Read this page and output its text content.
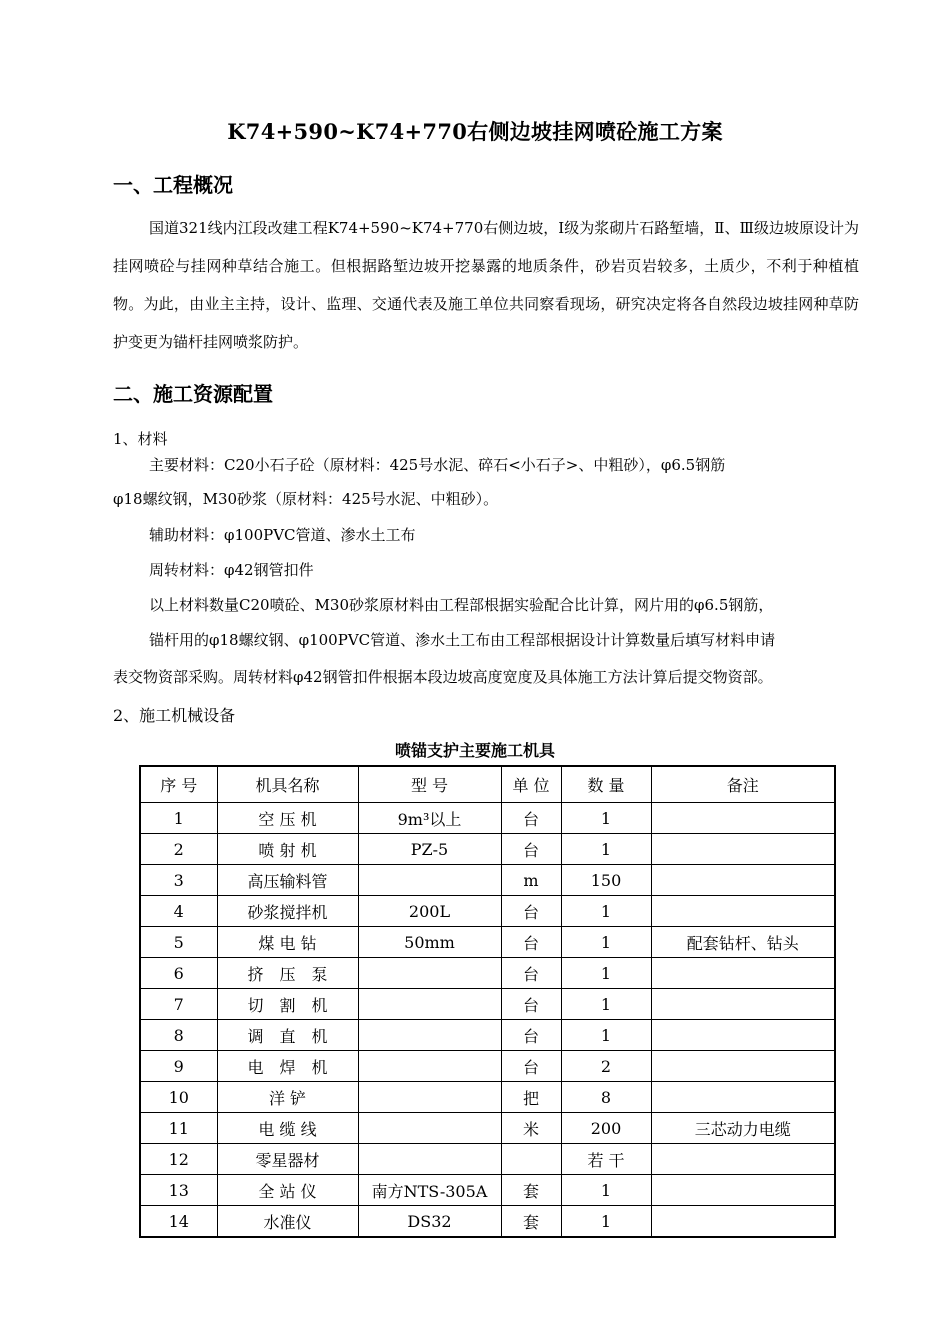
K74+590~K74+770右侧边坡挂网喷砼施工方案
一、工程概况
国道321线内江段改建工程K74+590~K74+770右侧边坡，Ⅰ级为浆砌片石路堑墙，Ⅱ、Ⅲ级边坡原设计为挂网喷砼与挂网种草结合施工。但根据路堑边坡开挖暴露的地质条件，砂岩页岩较多，土质少，不利于种植植物。为此，由业主主持，设计、监理、交通代表及施工单位共同察看现场，研究决定将各自然段边坡挂网种草防护变更为锚杆挂网喷浆防护。
二、施工资源配置
1、材料
主要材料：C20小石子砼（原材料：425号水泥、碎石<小石子>、中粗砂），φ6.5钢筋
φ18螺纹钢，M30砂浆（原材料：425号水泥、中粗砂）。
辅助材料：φ100PVC管道、渗水土工布
周转材料：φ42钢管扣件
以上材料数量C20喷砼、M30砂浆原材料由工程部根据实验配合比计算，网片用的φ6.5钢筋，
锚杆用的φ18螺纹钢、φ100PVC管道、渗水土工布由工程部根据设计计算数量后填写材料申请
表交物资部采购。周转材料φ42钢管扣件根据本段边坡高度宽度及具体施工方法计算后提交物资部。
2、施工机械设备
喷锚支护主要施工机具
序 号	机具名称	型 号	单 位	数 量	备注
1	空 压 机	9m³以上	台	1	
2	喷 射 机	PZ-5	台	1	
3	高压输料管		m	150	
4	砂浆搅拌机	200L	台	1	
5	煤 电 钻	50mm	台	1	配套钻杆、钻头
6	挤　压　泵		台	1	
7	切　割　机		台	1	
8	调　直　机		台	1	
9	电　焊　机		台	2	
10	洋 铲		把	8	
11	电 缆 线		米	200	三芯动力电缆
12	零星器材			若 干	
13	全 站 仪	南方NTS-305A	套	1	
14	水准仪	DS32	套	1	
